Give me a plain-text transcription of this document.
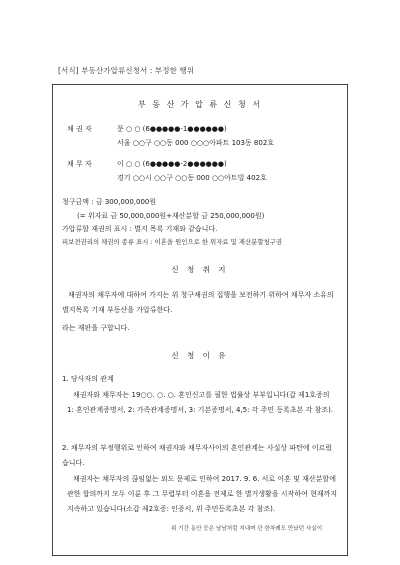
[서식] 부동산가압류신청서 : 부정한 행위
부 동 산 가 압 류 신 청 서
채 권 자	문 ○ ○ (6●●●●●-1●●●●●●)
서울 ○○구 ○○동 000 ○○○아파트 103동 802호
채 무 자	이 ○ ○ (6●●●●●-2●●●●●●)
경기 ○○시 ○○구 ○○동 000 ○○아트빌 402호
청구금액 : 금 300,000,000원
(= 위자료 금 50,000,000원+재산분할 금 250,000,000원)
가압류할 재권의 표시 : 별지 목록 기재와 같습니다.
피보전권리의 채권의 종류 표시 : 이혼을 원인으로 한 위자료 및 재산분할청구권
신 청 취 지
채권자의 채무자에 대하여 가지는 위 청구채권의 집행을 보전하기 위하여 채무자 소유의 별지목록 기재 부동산을 가압류한다.
라는 재판을 구합니다.
신 청 이 유
1. 당사자의 관계
채권자와 채무자는 19○○. ○. ○. 혼인신고를 필한 법률상 부부입니다(갑 제1호증의 1: 혼인관계증명서, 2: 가족관계증명서, 3: 기본증명서, 4,5: 각 주민 등록초본 각 참조).
2. 채무자의 부정행위로 인하여 채권자와 채무자사이의 혼인관계는 사실상 파탄에 이르렀습니다.
채권자는 채무자의 끊임없는 외도 문제로 인하여 2017. 9. 6. 서로 이혼 및 재산분할에 관한 합의까지 모두 이룬 후 그 무렵부터 이혼을 전제로 한 별거생활을 시작하여 현재까지 지속하고 있습니다(소갑 제2호증: 인증서, 위 주민등록초본 각 참조).
위 기간 동안 등은 남남처럼 지내며 단 한차례도 만났던 사실이
